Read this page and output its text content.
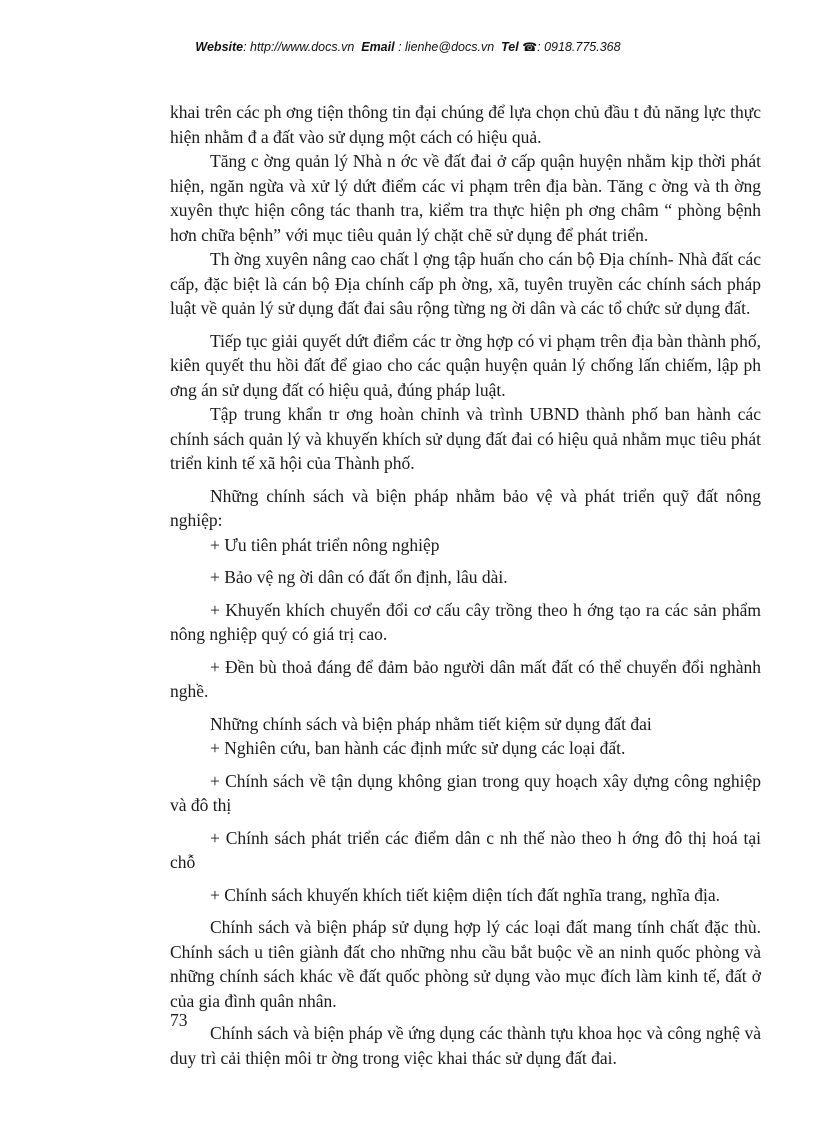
Website: http://www.docs.vn Email : lienhe@docs.vn Tel ☎: 0918.775.368

khai trên các ph ơng tiện thông tin đại chúng để lựa chọn chủ đầu t đủ năng lực thực hiện nhằm đ a đất vào sử dụng một cách có hiệu quả.

Tăng c ờng quản lý Nhà n ớc về đất đai ở cấp quận huyện nhằm kịp thời phát hiện, ngăn ngừa và xử lý dứt điểm các vi phạm trên địa bàn. Tăng c ờng và th ờng xuyên thực hiện công tác thanh tra, kiểm tra thực hiện ph ơng châm “ phòng bệnh hơn chữa bệnh” với mục tiêu quản lý chặt chẽ sử dụng để phát triển.

Th ờng xuyên nâng cao chất l ợng tập huấn cho cán bộ Địa chính- Nhà đất các cấp, đặc biệt là cán bộ Địa chính cấp ph ờng, xã, tuyên truyền các chính sách pháp luật về quản lý sử dụng đất đai sâu rộng từng ng ời dân và các tổ chức sử dụng đất.

Tiếp tục giải quyết dứt điểm các tr ờng hợp có vi phạm trên địa bàn thành phố, kiên quyết thu hồi đất để giao cho các quận huyện quản lý chống lấn chiếm, lập ph ơng án sử dụng đất có hiệu quả, đúng pháp luật.

Tập trung khẩn tr ơng hoàn chỉnh và trình UBND thành phố ban hành các chính sách quản lý và khuyến khích sử dụng đất đai có hiệu quả nhằm mục tiêu phát triển kinh tế xã hội của Thành phố.

Những chính sách và biện pháp nhằm bảo vệ và phát triển quỹ đất nông nghiệp:

+ Ưu tiên phát triển nông nghiệp

+ Bảo vệ ng ời dân có đất ổn định, lâu dài.

+ Khuyến khích chuyển đổi cơ cấu cây trồng theo h ớng tạo ra các sản phẩm nông nghiệp quý có giá trị cao.

+ Đền bù thoả đáng để đảm bảo người dân mất đất có thể chuyển đổi nghành nghề.

Những chính sách và biện pháp nhằm tiết kiệm sử dụng đất đai

+ Nghiên cứu, ban hành các định mức sử dụng các loại đất.

+ Chính sách về tận dụng không gian trong quy hoạch xây dựng công nghiệp và đô thị

+ Chính sách phát triển các điểm dân c nh thế nào theo h ớng đô thị hoá tại chỗ

+ Chính sách khuyến khích tiết kiệm diện tích đất nghĩa trang, nghĩa địa.

Chính sách và biện pháp sử dụng hợp lý các loại đất mang tính chất đặc thù. Chính sách u tiên giành đất cho những nhu cầu bắt buộc về an ninh quốc phòng và những chính sách khác về đất quốc phòng sử dụng vào mục đích làm kinh tế, đất ở của gia đình quân nhân.

Chính sách và biện pháp về ứng dụng các thành tựu khoa học và công nghệ và duy trì cải thiện môi tr ờng trong việc khai thác sử dụng đất đai.

73
